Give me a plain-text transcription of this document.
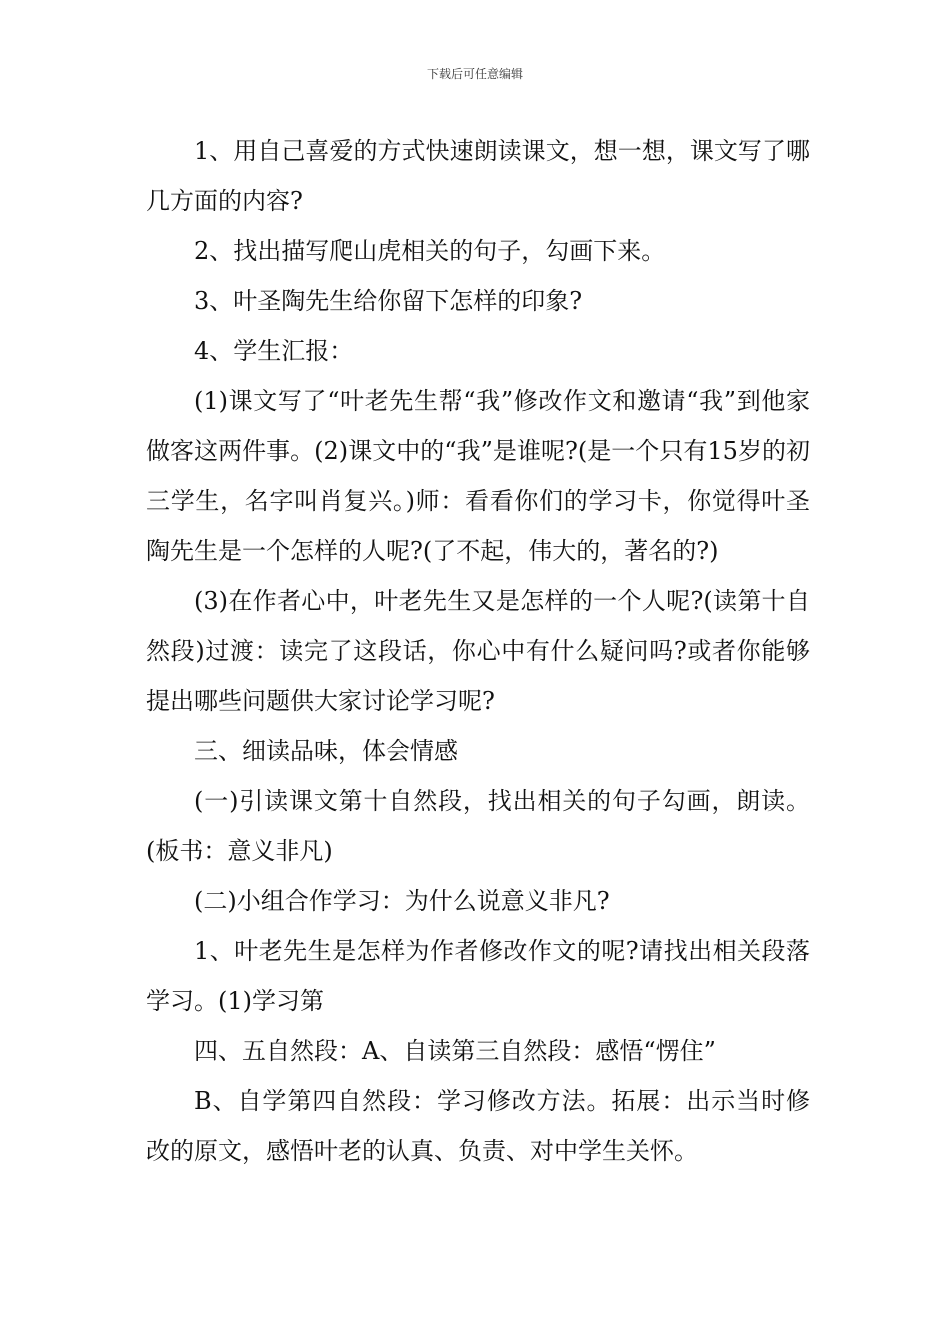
下载后可任意编辑

1、用自己喜爱的方式快速朗读课文，想一想，课文写了哪几方面的内容?

2、找出描写爬山虎相关的句子，勾画下来。

3、叶圣陶先生给你留下怎样的印象?

4、学生汇报：

(1)课文写了“叶老先生帮“我”修改作文和邀请“我”到他家做客这两件事。(2)课文中的“我”是谁呢?(是一个只有15岁的初三学生，名字叫肖复兴。)师：看看你们的学习卡，你觉得叶圣陶先生是一个怎样的人呢?(了不起，伟大的，著名的?)

(3)在作者心中，叶老先生又是怎样的一个人呢?(读第十自然段)过渡：读完了这段话，你心中有什么疑问吗?或者你能够提出哪些问题供大家讨论学习呢?

三、细读品味，体会情感

(一)引读课文第十自然段，找出相关的句子勾画，朗读。(板书：意义非凡)

(二)小组合作学习：为什么说意义非凡?

1、叶老先生是怎样为作者修改作文的呢?请找出相关段落学习。(1)学习第

四、五自然段：A、自读第三自然段：感悟“愣住”

B、自学第四自然段：学习修改方法。拓展：出示当时修改的原文，感悟叶老的认真、负责、对中学生关怀。
